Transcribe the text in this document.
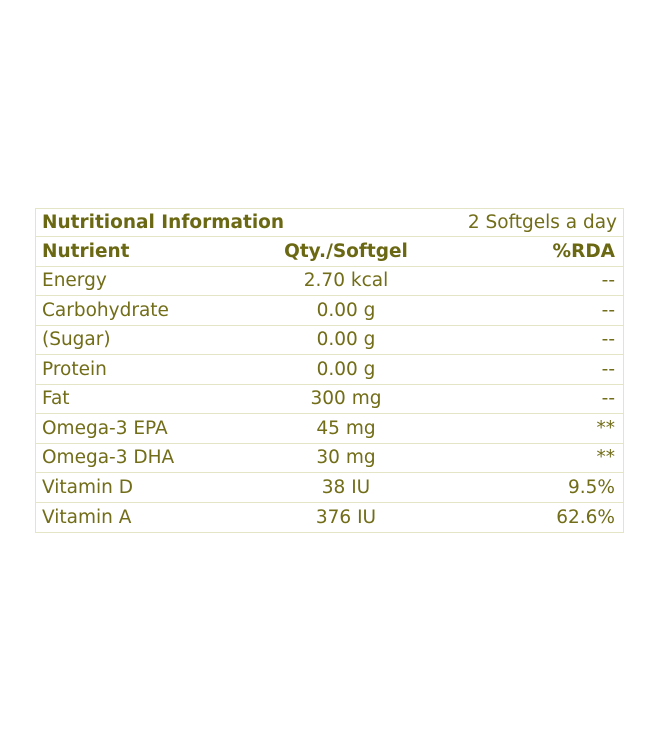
Nutritional Information	2 Softgels a day
Nutrient	Qty./Softgel	%RDA
Energy	2.70 kcal	--
Carbohydrate	0.00 g	--
(Sugar)	0.00 g	--
Protein	0.00 g	--
Fat	300 mg	--
Omega-3 EPA	45 mg	**
Omega-3 DHA	30 mg	**
Vitamin D	38 IU	9.5%
Vitamin A	376 IU	62.6%
